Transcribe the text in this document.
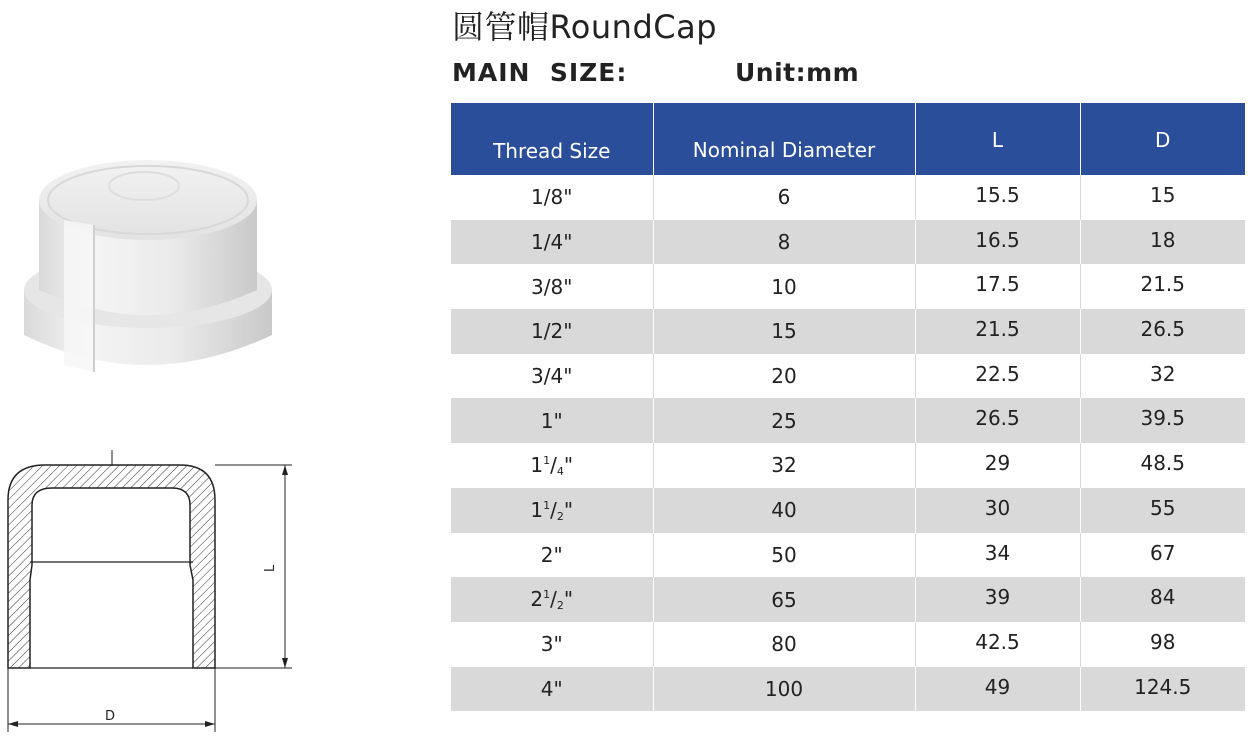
圆管帽RoundCap
MAIN  SIZE:	Unit:mm
L
D
Thread Size	Nominal Diameter	L	D
1/8"	6	15.5	15
1/4"	8	16.5	18
3/8"	10	17.5	21.5
1/2"	15	21.5	26.5
3/4"	20	22.5	32
1"	25	26.5	39.5
$1^1/_4$"	32	29	48.5
$1^1/_2$"	40	30	55
2"	50	34	67
$2^1/_2$"	65	39	84
3"	80	42.5	98
4"	100	49	124.5
